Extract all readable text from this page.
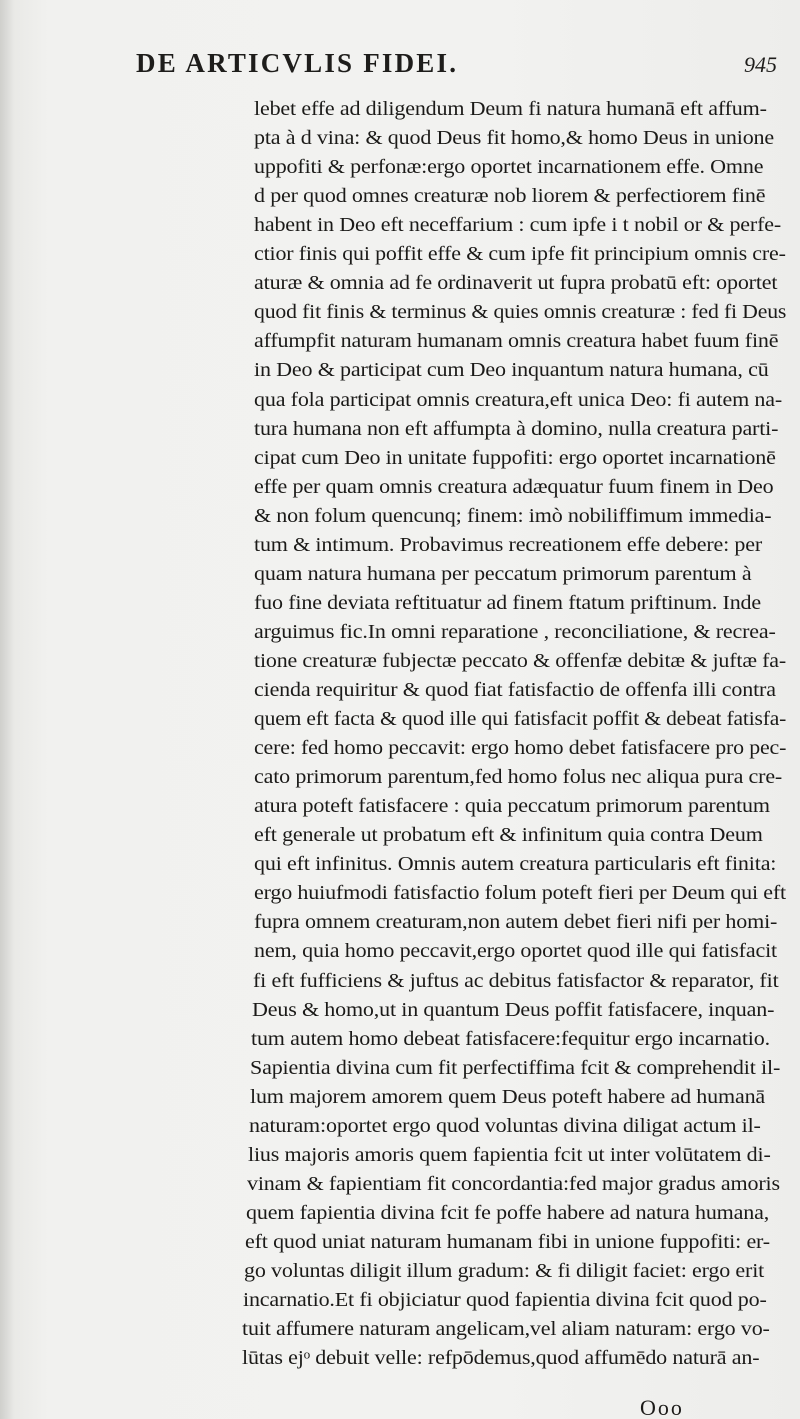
DE ARTICVLIS FIDEI.	945
lebet effe ad diligendum Deum fi natura humanā eft affum-
pta à d vina: & quod Deus fit homo,& homo Deus in unione
uppofiti & perfonæ:ergo oportet incarnationem effe. Omne
d per quod omnes creaturæ nob liorem & perfectiorem finē
habent in Deo eft neceffarium : cum ipfe i t nobil or & perfe-
ctior finis qui poffit effe & cum ipfe fit principium omnis cre-
aturæ & omnia ad fe ordinaverit ut fupra probatū eft: oportet
quod fit finis & terminus & quies omnis creaturæ : fed fi Deus
affumpfit naturam humanam omnis creatura habet fuum finē
in Deo & participat cum Deo inquantum natura humana, cū
qua fola participat omnis creatura,eft unica Deo: fi autem na-
tura humana non eft affumpta à domino, nulla creatura parti-
cipat cum Deo in unitate fuppofiti: ergo oportet incarnationē
effe per quam omnis creatura adæquatur fuum finem in Deo
& non folum quencunq; finem: imò nobiliffimum immedia-
tum & intimum. Probavimus recreationem effe debere: per
quam natura humana per peccatum primorum parentum à
fuo fine deviata reftituatur ad finem ftatum priftinum. Inde
arguimus fic.In omni reparatione , reconciliatione, & recrea-
tione creaturæ fubjectæ peccato & offenfæ debitæ & juftæ fa-
cienda requiritur & quod fiat fatisfactio de offenfa illi contra
quem eft facta & quod ille qui fatisfacit poffit & debeat fatisfa-
cere: fed homo peccavit: ergo homo debet fatisfacere pro pec-
cato primorum parentum,fed homo folus nec aliqua pura cre-
atura poteft fatisfacere : quia peccatum primorum parentum
eft generale ut probatum eft & infinitum quia contra Deum
qui eft infinitus. Omnis autem creatura particularis eft finita:
ergo huiufmodi fatisfactio folum poteft fieri per Deum qui eft
fupra omnem creaturam,non autem debet fieri nifi per homi-
nem, quia homo peccavit,ergo oportet quod ille qui fatisfacit
fi eft fufficiens & juftus ac debitus fatisfactor & reparator, fit
Deus & homo,ut in quantum Deus poffit fatisfacere, inquan-
tum autem homo debeat fatisfacere:fequitur ergo incarnatio.
Sapientia divina cum fit perfectiffima fcit & comprehendit il-
lum majorem amorem quem Deus poteft habere ad humanā
naturam:oportet ergo quod voluntas divina diligat actum il-
lius majoris amoris quem fapientia fcit ut inter volūtatem di-
vinam & fapientiam fit concordantia:fed major gradus amoris
quem fapientia divina fcit fe poffe habere ad natura humana,
eft quod uniat naturam humanam fibi in unione fuppofiti: er-
go voluntas diligit illum gradum: & fi diligit faciet: ergo erit
incarnatio.Et fi objiciatur quod fapientia divina fcit quod po-
tuit affumere naturam angelicam,vel aliam naturam: ergo vo-
lūtas ejᵒ debuit velle: refpōdemus,quod affumēdo naturā an-
Ooo
